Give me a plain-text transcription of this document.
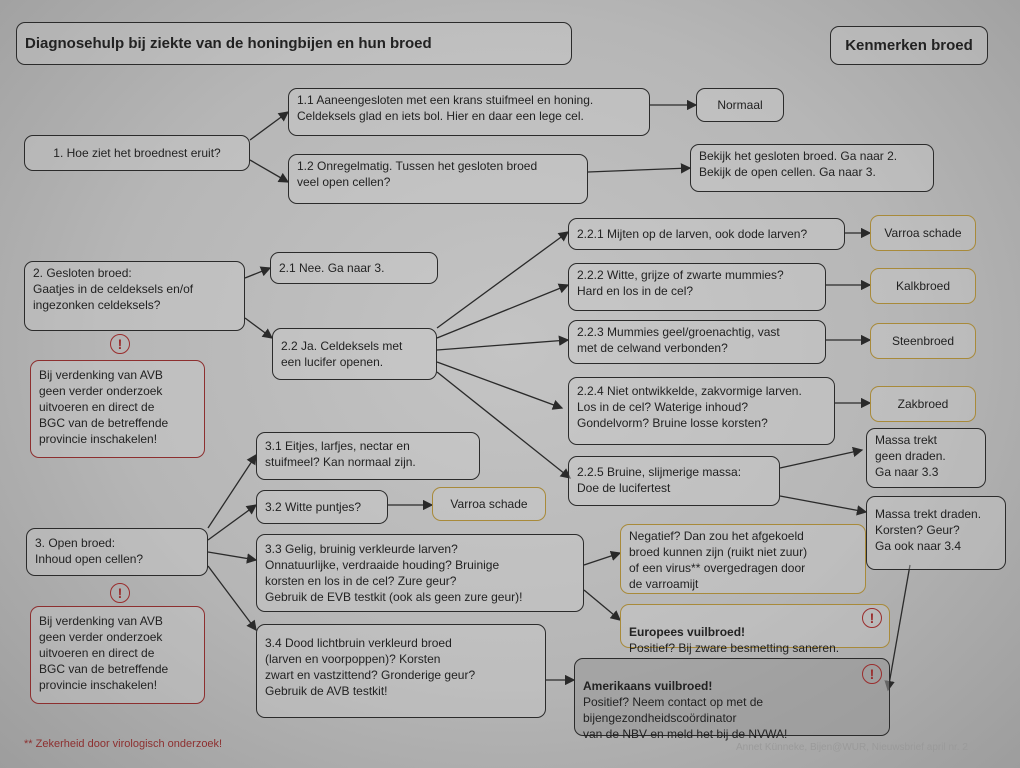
Diagnosehulp bij ziekte van de honingbijen en hun broed	Kenmerken broed
1. Hoe ziet het broednest eruit?
1.1 Aaneengesloten met een krans stuifmeel en honing.
Celdeksels glad en iets bol. Hier en daar een lege cel.
Normaal
1.2 Onregelmatig. Tussen het gesloten broed
veel open cellen?
Bekijk het gesloten broed. Ga naar 2.
Bekijk de open cellen. Ga naar 3.
2. Gesloten broed:
Gaatjes in de celdeksels en/of
ingezonken celdeksels?
2.1 Nee. Ga naar 3.
2.2 Ja. Celdeksels met
een lucifer openen.
2.2.1 Mijten op de larven, ook dode larven?	Varroa schade
2.2.2 Witte, grijze of zwarte mummies?
Hard en los in de cel?	Kalkbroed
2.2.3 Mummies geel/groenachtig, vast
met de celwand verbonden?	Steenbroed
2.2.4 Niet ontwikkelde, zakvormige larven.
Los in de cel? Waterige inhoud?
Gondelvorm? Bruine losse korsten?
Zakbroed
2.2.5 Bruine, slijmerige massa:
Doe de lucifertest
Massa trekt
geen draden.
Ga naar 3.3
Massa trekt draden.
Korsten? Geur?
Ga ook naar 3.4
!
Bij verdenking van AVB
geen verder onderzoek
uitvoeren en direct de
BGC van de betreffende
provincie inschakelen!
3. Open broed:
Inhoud open cellen?
!
Bij verdenking van AVB
geen verder onderzoek
uitvoeren en direct de
BGC van de betreffende
provincie inschakelen!
3.1 Eitjes, larfjes, nectar en
stuifmeel? Kan normaal zijn.
3.2 Witte puntjes?	Varroa schade
3.3 Gelig, bruinig verkleurde larven?
Onnatuurlijke, verdraaide houding? Bruinige
korsten en los in de cel? Zure geur?
Gebruik de EVB testkit (ook als geen zure geur)!
Negatief? Dan zou het afgekoeld
broed kunnen zijn (ruikt niet zuur)
of een virus** overgedragen door
de varroamijt

Europees vuilbroed!
Positief? Bij zware besmetting saneren.

!
3.4 Dood lichtbruin verkleurd broed
(larven en voorpoppen)? Korsten
zwart en vastzittend? Gronderige geur?
Gebruik de AVB testkit!	Amerikaans vuilbroed!
Positief? Neem contact op met de
bijengezondheidscoördinator
van de NBV en meld het bij de NVWA!

!
** Zekerheid door virologisch onderzoek!	Annet Künneke, Bijen@WUR, Nieuwsbrief april nr. 2
